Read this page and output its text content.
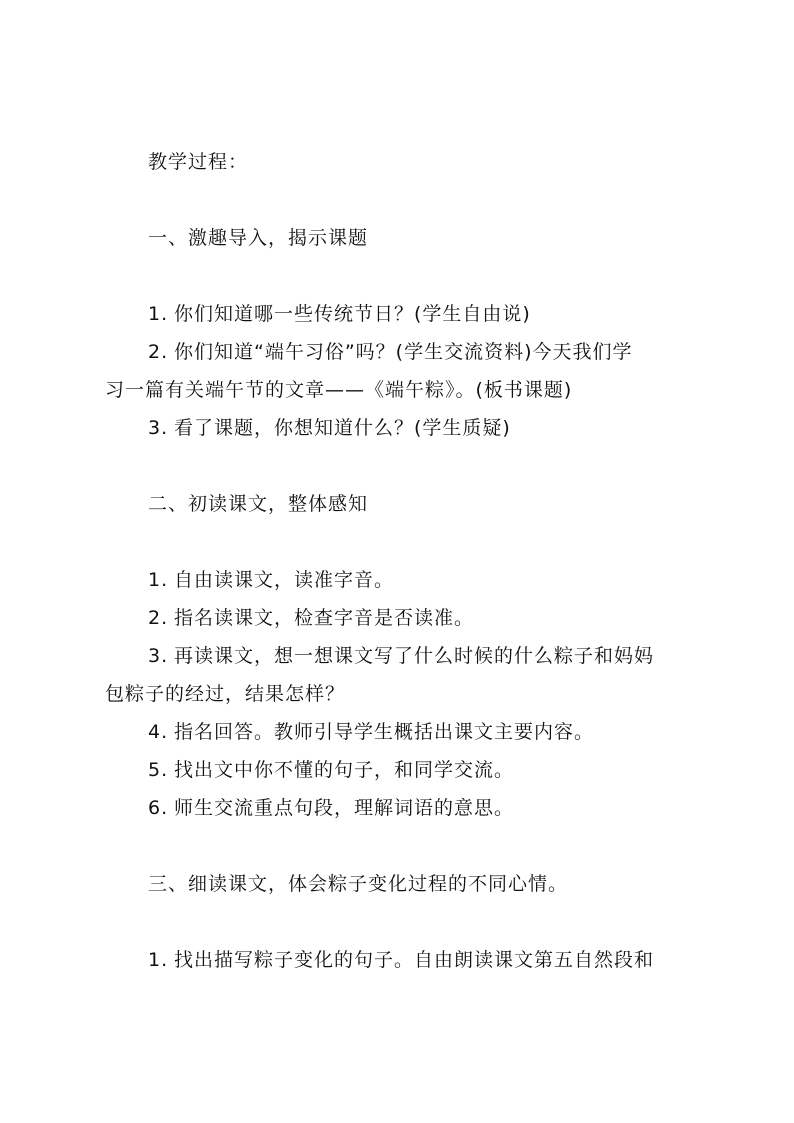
教学过程：
一、激趣导入，揭示课题
1. 你们知道哪一些传统节日？(学生自由说)
2. 你们知道“端午习俗”吗？(学生交流资料)今天我们学
习一篇有关端午节的文章——《端午粽》。(板书课题)
3. 看了课题，你想知道什么？(学生质疑)
二、初读课文，整体感知
1. 自由读课文，读准字音。
2. 指名读课文，检查字音是否读准。
3. 再读课文，想一想课文写了什么时候的什么粽子和妈妈
包粽子的经过，结果怎样？
4. 指名回答。教师引导学生概括出课文主要内容。
5. 找出文中你不懂的句子，和同学交流。
6. 师生交流重点句段，理解词语的意思。
三、细读课文，体会粽子变化过程的不同心情。
1. 找出描写粽子变化的句子。自由朗读课文第五自然段和
